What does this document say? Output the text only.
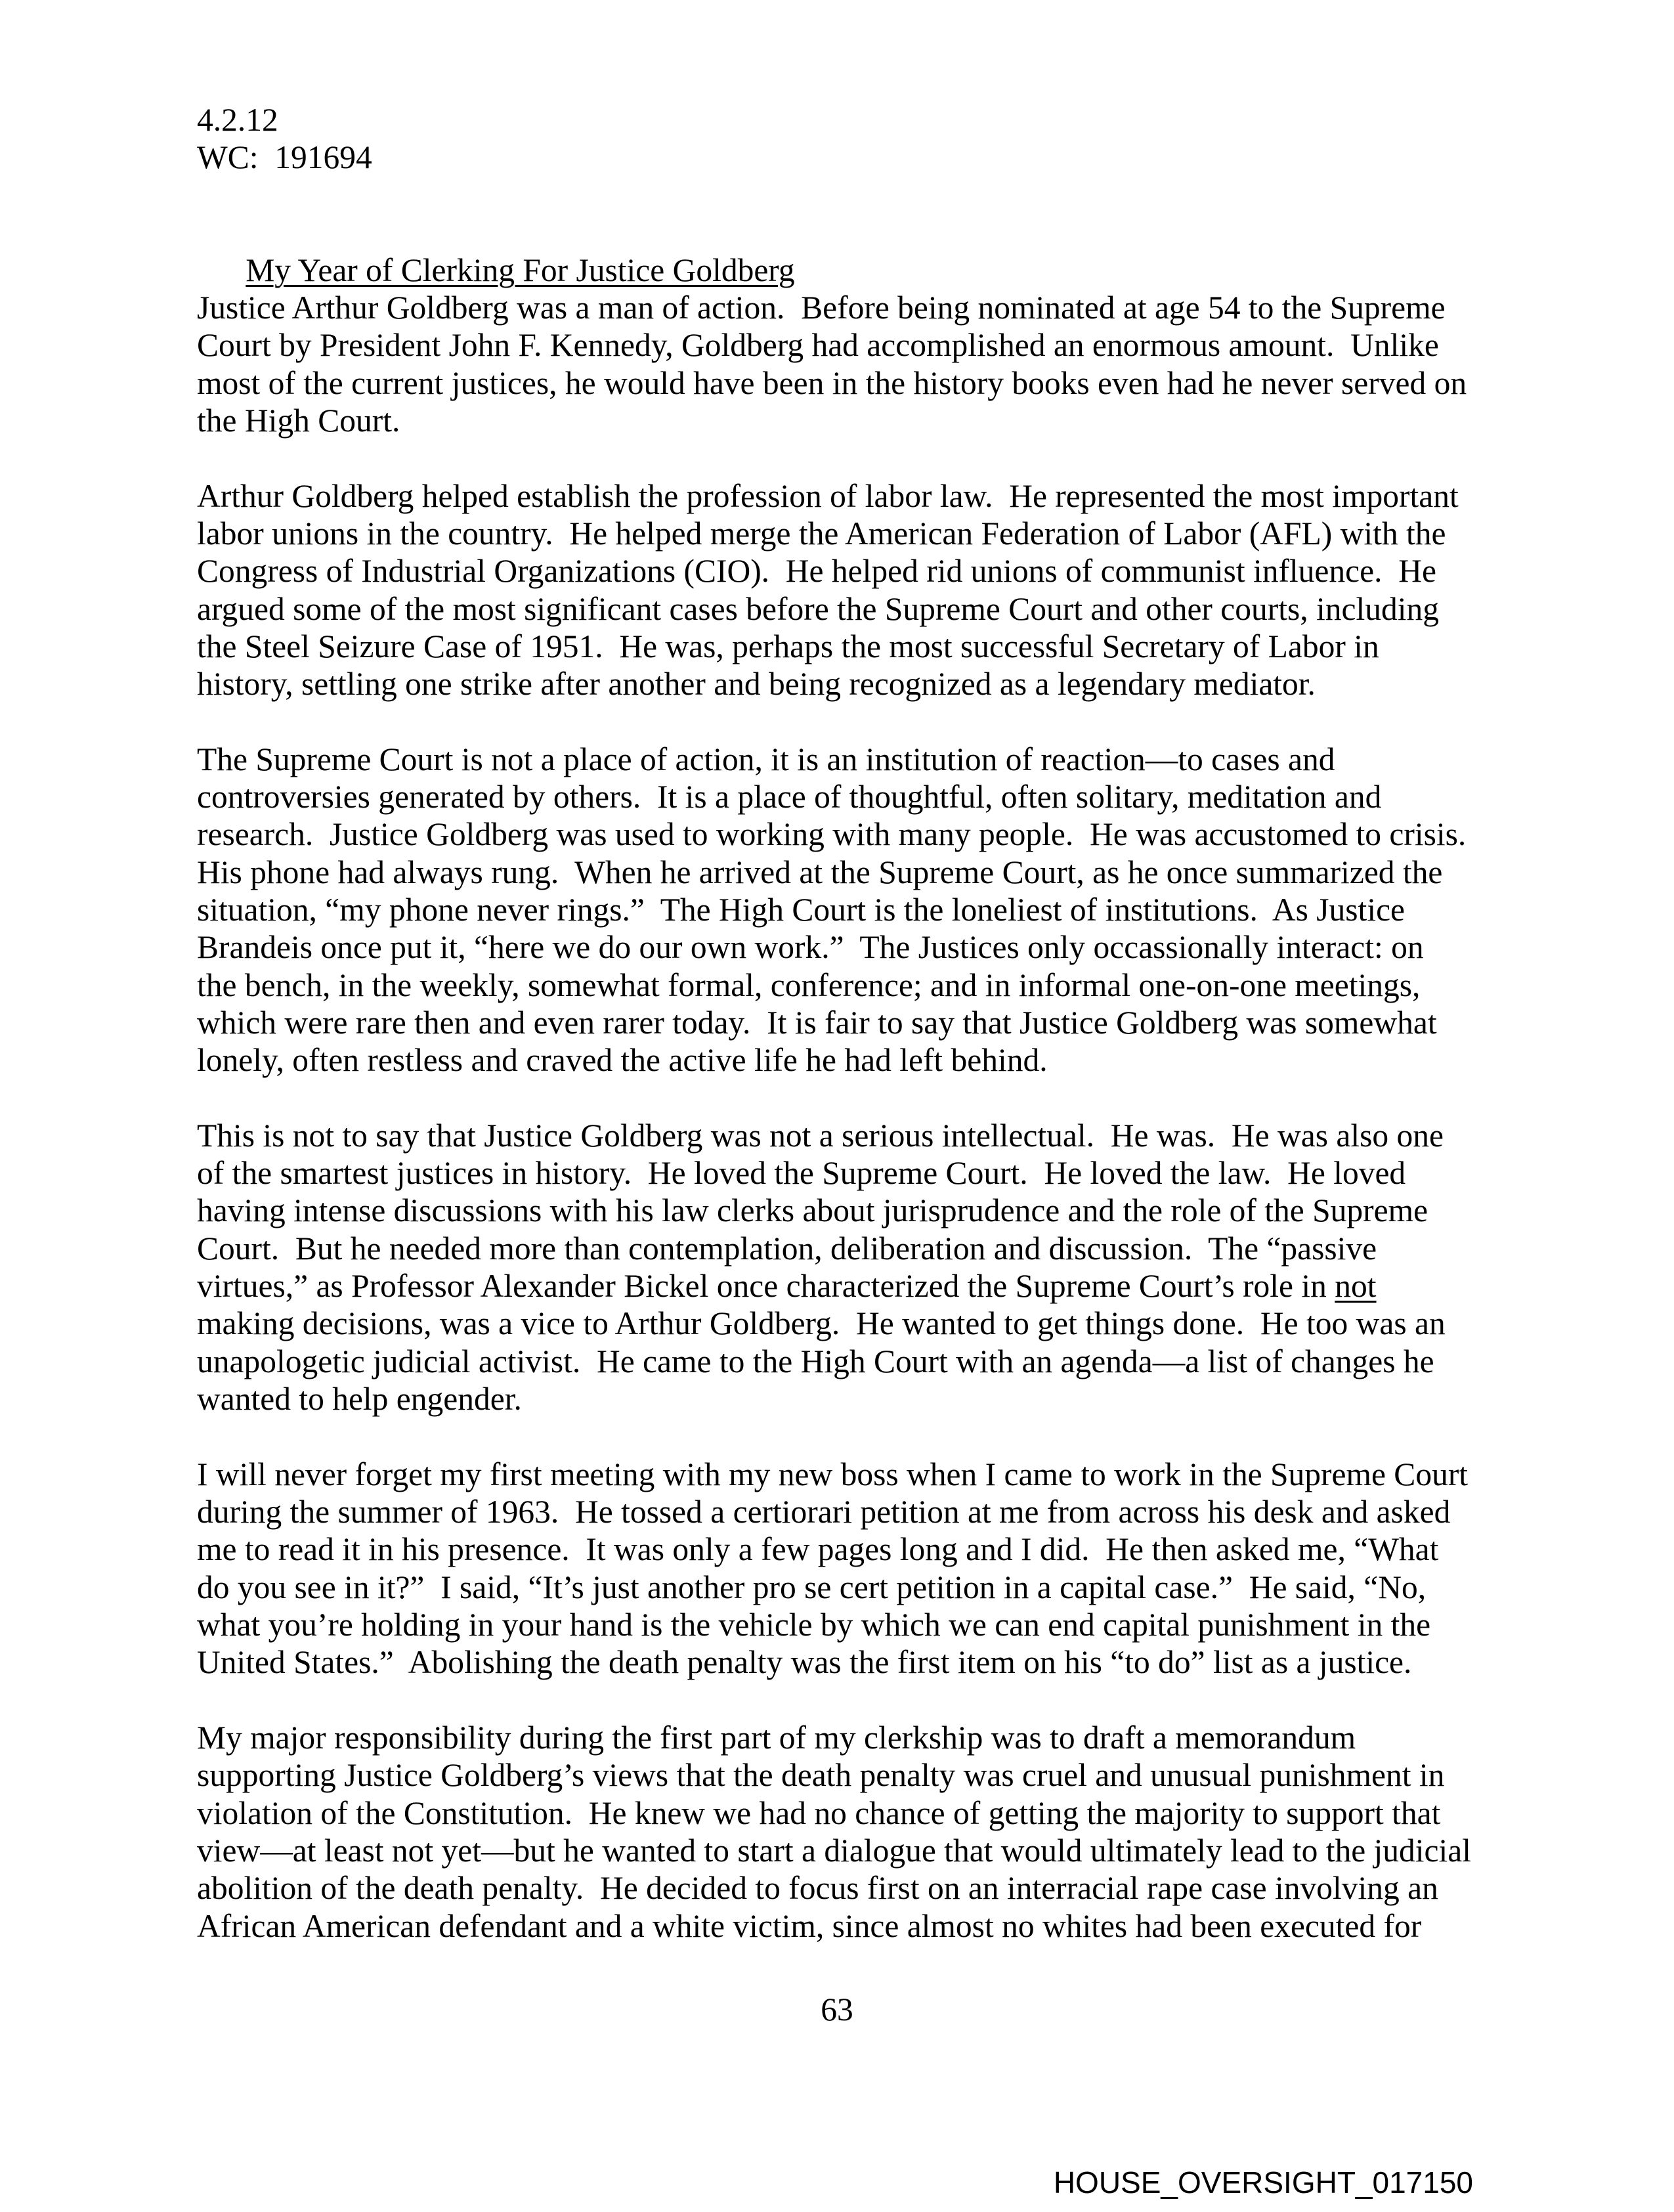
4.2.12
WC:  191694

My Year of Clerking For Justice Goldberg

Justice Arthur Goldberg was a man of action.  Before being nominated at age 54 to the Supreme
Court by President John F. Kennedy, Goldberg had accomplished an enormous amount.  Unlike
most of the current justices, he would have been in the history books even had he never served on
the High Court.
Arthur Goldberg helped establish the profession of labor law.  He represented the most important
labor unions in the country.  He helped merge the American Federation of Labor (AFL) with the
Congress of Industrial Organizations (CIO).  He helped rid unions of communist influence.  He
argued some of the most significant cases before the Supreme Court and other courts, including
the Steel Seizure Case of 1951.  He was, perhaps the most successful Secretary of Labor in
history, settling one strike after another and being recognized as a legendary mediator.
The Supreme Court is not a place of action, it is an institution of reaction—to cases and
controversies generated by others.  It is a place of thoughtful, often solitary, meditation and
research.  Justice Goldberg was used to working with many people.  He was accustomed to crisis.
His phone had always rung.  When he arrived at the Supreme Court, as he once summarized the
situation, “my phone never rings.”  The High Court is the loneliest of institutions.  As Justice
Brandeis once put it, “here we do our own work.”  The Justices only occassionally interact: on
the bench, in the weekly, somewhat formal, conference; and in informal one-on-one meetings,
which were rare then and even rarer today.  It is fair to say that Justice Goldberg was somewhat
lonely, often restless and craved the active life he had left behind.
This is not to say that Justice Goldberg was not a serious intellectual.  He was.  He was also one
of the smartest justices in history.  He loved the Supreme Court.  He loved the law.  He loved
having intense discussions with his law clerks about jurisprudence and the role of the Supreme
Court.  But he needed more than contemplation, deliberation and discussion.  The “passive
virtues,” as Professor Alexander Bickel once characterized the Supreme Court’s role in not
making decisions, was a vice to Arthur Goldberg.  He wanted to get things done.  He too was an
unapologetic judicial activist.  He came to the High Court with an agenda—a list of changes he
wanted to help engender.
I will never forget my first meeting with my new boss when I came to work in the Supreme Court
during the summer of 1963.  He tossed a certiorari petition at me from across his desk and asked
me to read it in his presence.  It was only a few pages long and I did.  He then asked me, “What
do you see in it?”  I said, “It’s just another pro se cert petition in a capital case.”  He said, “No,
what you’re holding in your hand is the vehicle by which we can end capital punishment in the
United States.”  Abolishing the death penalty was the first item on his “to do” list as a justice.
My major responsibility during the first part of my clerkship was to draft a memorandum
supporting Justice Goldberg’s views that the death penalty was cruel and unusual punishment in
violation of the Constitution.  He knew we had no chance of getting the majority to support that
view—at least not yet—but he wanted to start a dialogue that would ultimately lead to the judicial
abolition of the death penalty.  He decided to focus first on an interracial rape case involving an
African American defendant and a white victim, since almost no whites had been executed for
63
HOUSE_OVERSIGHT_017150
